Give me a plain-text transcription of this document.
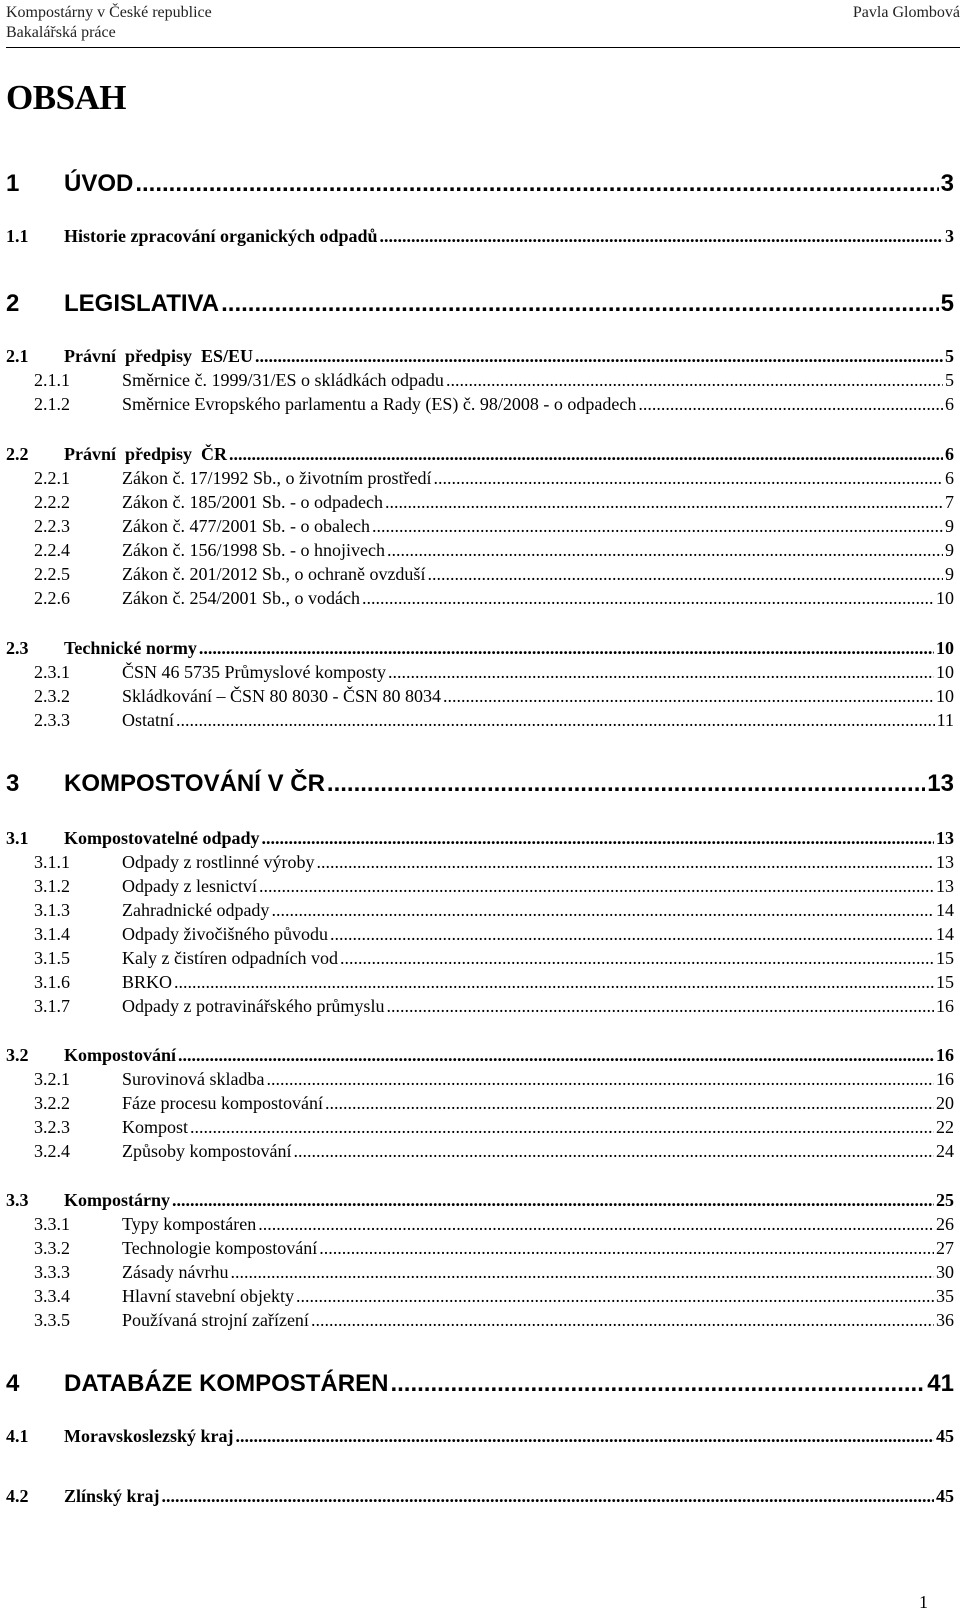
Kompostárny v České republice
Bakalářská práce
Pavla Glombová
OBSAH
1	ÚVOD .....	3
1.1	Historie zpracování organických odpadů .....	3
2	LEGISLATIVA .....	5
2.1	Právní  předpisy  ES/EU .....	5
2.1.1	Směrnice č. 1999/31/ES o skládkách odpadu .....	5
2.1.2	Směrnice Evropského parlamentu a Rady (ES) č. 98/2008 - o odpadech .....	6
2.2	Právní  předpisy  ČR .....	6
2.2.1	Zákon č. 17/1992 Sb., o životním prostředí .....	6
2.2.2	Zákon č. 185/2001 Sb. - o odpadech .....	7
2.2.3	Zákon č. 477/2001 Sb. - o obalech .....	9
2.2.4	Zákon č. 156/1998 Sb. - o hnojivech .....	9
2.2.5	Zákon č. 201/2012 Sb., o ochraně ovzduší .....	9
2.2.6	Zákon č. 254/2001 Sb., o vodách .....	10
2.3	Technické normy .....	10
2.3.1	ČSN 46 5735 Průmyslové komposty .....	10
2.3.2	Skládkování – ČSN 80 8030 - ČSN 80 8034 .....	10
2.3.3	Ostatní .....	11
3	KOMPOSTOVÁNÍ V ČR .....	13
3.1	Kompostovatelné odpady .....	13
3.1.1	Odpady z rostlinné výroby .....	13
3.1.2	Odpady z lesnictví .....	13
3.1.3	Zahradnické odpady .....	14
3.1.4	Odpady živočišného původu .....	14
3.1.5	Kaly z čistíren odpadních vod .....	15
3.1.6	BRKO .....	15
3.1.7	Odpady z potravinářského průmyslu .....	16
3.2	Kompostování .....	16
3.2.1	Surovinová skladba .....	16
3.2.2	Fáze procesu kompostování .....	20
3.2.3	Kompost .....	22
3.2.4	Způsoby kompostování .....	24
3.3	Kompostárny .....	25
3.3.1	Typy kompostáren .....	26
3.3.2	Technologie kompostování .....	27
3.3.3	Zásady návrhu .....	30
3.3.4	Hlavní stavební objekty .....	35
3.3.5	Používaná strojní zařízení .....	36
4	DATABÁZE KOMPOSTÁREN .....	41
4.1	Moravskoslezský kraj .....	45
4.2	Zlínský kraj .....	45
1
